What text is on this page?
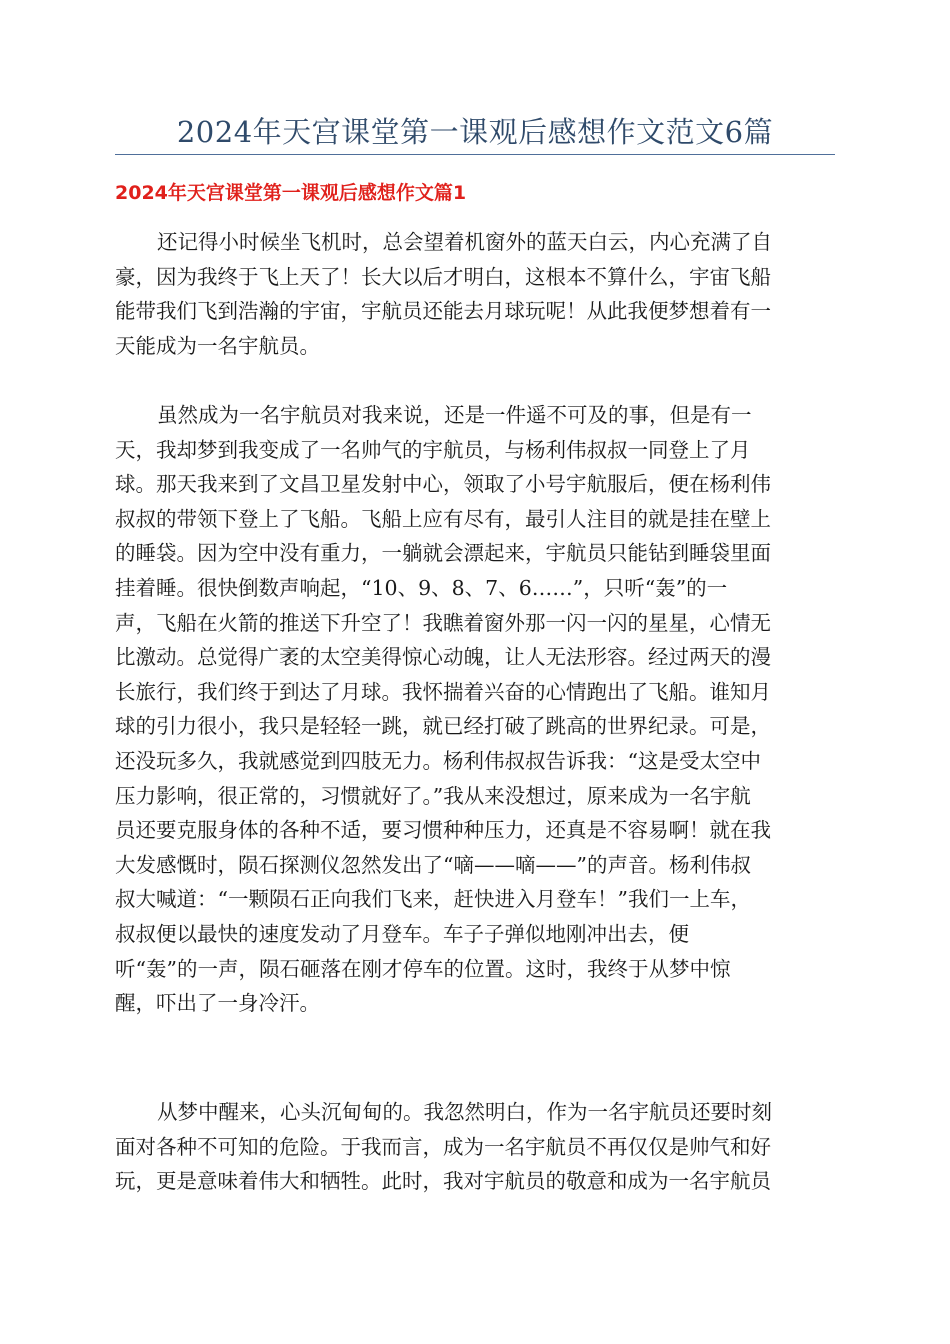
2024年天宫课堂第一课观后感想作文范文6篇
2024年天宫课堂第一课观后感想作文篇1
还记得小时候坐飞机时，总会望着机窗外的蓝天白云，内心充满了自
豪，因为我终于飞上天了！长大以后才明白，这根本不算什么，宇宙飞船
能带我们飞到浩瀚的宇宙，宇航员还能去月球玩呢！从此我便梦想着有一
天能成为一名宇航员。
虽然成为一名宇航员对我来说，还是一件遥不可及的事，但是有一
天，我却梦到我变成了一名帅气的宇航员，与杨利伟叔叔一同登上了月
球。那天我来到了文昌卫星发射中心，领取了小号宇航服后，便在杨利伟
叔叔的带领下登上了飞船。飞船上应有尽有，最引人注目的就是挂在壁上
的睡袋。因为空中没有重力，一躺就会漂起来，宇航员只能钻到睡袋里面
挂着睡。很快倒数声响起，“10、9、8、7、6……”，只听“轰”的一
声，飞船在火箭的推送下升空了！我瞧着窗外那一闪一闪的星星，心情无
比激动。总觉得广袤的太空美得惊心动魄，让人无法形容。经过两天的漫
长旅行，我们终于到达了月球。我怀揣着兴奋的心情跑出了飞船。谁知月
球的引力很小，我只是轻轻一跳，就已经打破了跳高的世界纪录。可是，
还没玩多久，我就感觉到四肢无力。杨利伟叔叔告诉我：“这是受太空中
压力影响，很正常的，习惯就好了。”我从来没想过，原来成为一名宇航
员还要克服身体的各种不适，要习惯种种压力，还真是不容易啊！就在我
大发感慨时，陨石探测仪忽然发出了“嘀——嘀——”的声音。杨利伟叔
叔大喊道：“一颗陨石正向我们飞来，赶快进入月登车！”我们一上车，
叔叔便以最快的速度发动了月登车。车子子弹似地刚冲出去，便
听“轰”的一声，陨石砸落在刚才停车的位置。这时，我终于从梦中惊
醒，吓出了一身冷汗。
从梦中醒来，心头沉甸甸的。我忽然明白，作为一名宇航员还要时刻
面对各种不可知的危险。于我而言，成为一名宇航员不再仅仅是帅气和好
玩，更是意味着伟大和牺牲。此时，我对宇航员的敬意和成为一名宇航员
